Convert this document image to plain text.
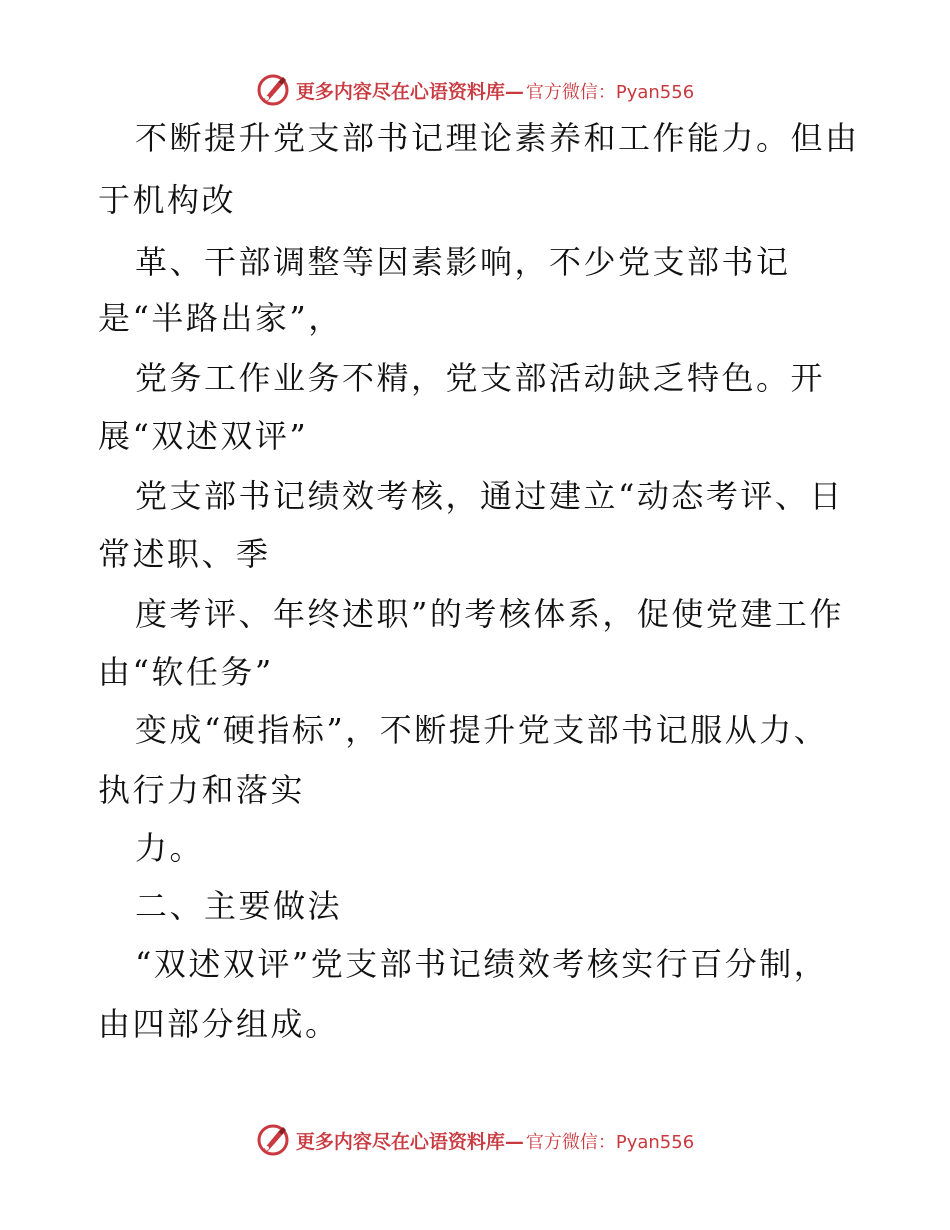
更多内容尽在心语资料库 — 官方微信：Pyan556
不断提升党支部书记理论素养和工作能力。但由
于机构改
革、干部调整等因素影响，不少党支部书记
是“半路出家”，
党务工作业务不精，党支部活动缺乏特色。开
展“双述双评”
党支部书记绩效考核，通过建立“动态考评、日
常述职、季
度考评、年终述职”的考核体系，促使党建工作
由“软任务”
变成“硬指标”，不断提升党支部书记服从力、
执行力和落实
力。
二、主要做法
“双述双评”党支部书记绩效考核实行百分制，
由四部分组成。
更多内容尽在心语资料库 — 官方微信：Pyan556
